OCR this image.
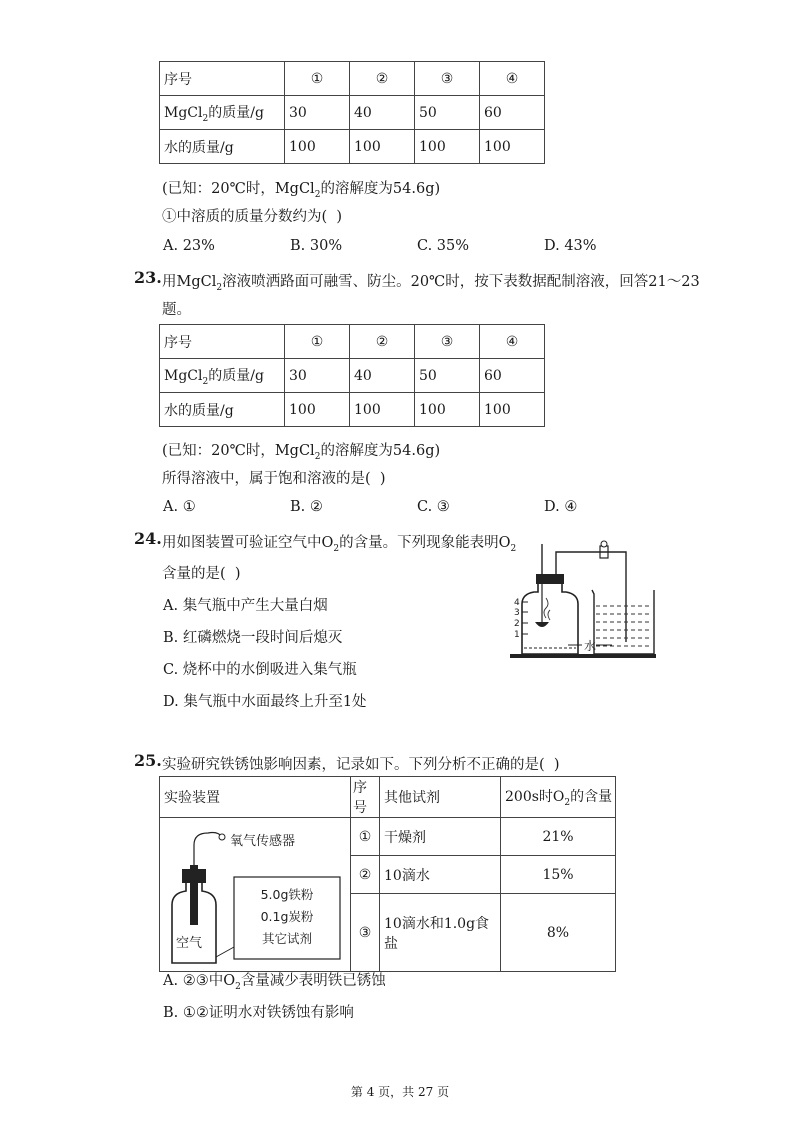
序号	①	②	③	④
MgCl$_2$的质量/g	30	40	50	60
水的质量/g	100	100	100	100
(已知：20℃时，MgCl$_2$的溶解度为54.6g)
①中溶质的质量分数约为(  )
A. 23%	B. 30%	C. 35%	D. 43%
23. 用MgCl$_2$溶液喷洒路面可融雪、防尘。20℃时，按下表数据配制溶液，回答21～23
题。
序号	①	②	③	④
MgCl$_2$的质量/g	30	40	50	60
水的质量/g	100	100	100	100
(已知：20℃时，MgCl$_2$的溶解度为54.6g)
所得溶液中，属于饱和溶液的是(  )
A. ①	B. ②	C. ③	D. ④
24. 用如图装置可验证空气中$O_2$的含量。下列现象能表明$O_2$
含量的是(  )
A. 集气瓶中产生大量白烟
B. 红磷燃烧一段时间后熄灭
C. 烧杯中的水倒吸进入集气瓶
D. 集气瓶中水面最终上升至1处
4
3
2
1
水
25. 实验研究铁锈蚀影响因素，记录如下。下列分析不正确的是(  )
实验装置	序号	其他试剂	200s时$O_2$的含量

氧气传感器
空气
5.0g铁粉
0.1g炭粉
其它试剂	①	干燥剂	21%
	②	10滴水	15%
	③	10滴水和1.0g食盐	8%
A. ②③中$O_2$含量减少表明铁已锈蚀
B. ①②证明水对铁锈蚀有影响
第 4 页，共 27 页
